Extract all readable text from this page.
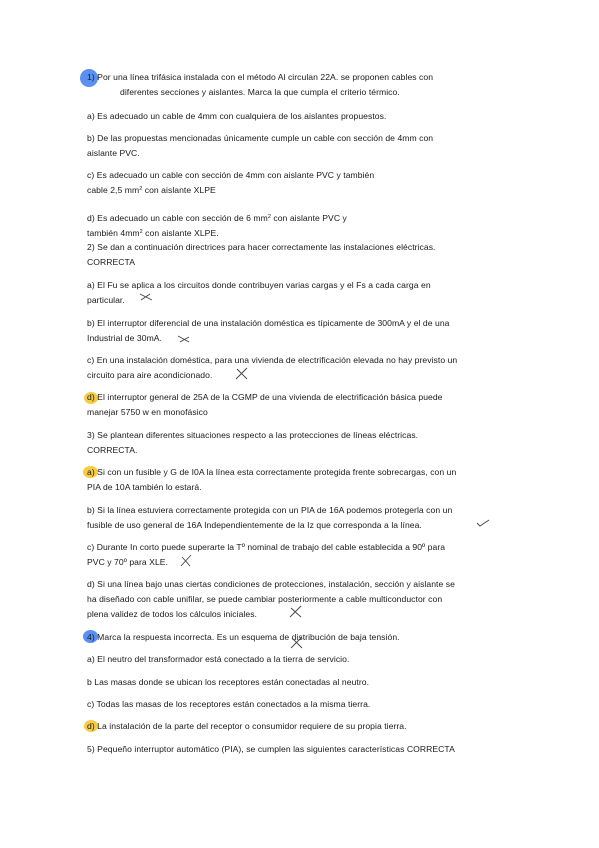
1) Por una línea trifásica instalada con el método Al circulan 22A. se proponen cables con
diferentes secciones y aislantes. Marca la que cumpla el criterio térmico.
a) Es adecuado un cable de 4mm con cualquiera de los aislantes propuestos.
b) De las propuestas mencionadas únicamente cumple un cable con sección de 4mm con
aislante PVC.
c) Es adecuado un cable con sección de 4mm con aislante PVC y también
cable 2,5 $mm^2$ con aislante XLPE
d) Es adecuado un cable con sección de 6 $mm^2$ con aislante PVC y
también $4mm^2$ con aislante XLPE.
2) Se dan a continuación directrices para hacer correctamente las instalaciones eléctricas.
CORRECTA
a) El Fu se aplica a los circuitos donde contribuyen varias cargas y el Fs a cada carga en
particular.
b) El interruptor diferencial de una instalación doméstica es típicamente de 300mA y el de una
Industrial de 30mA.
c) En una instalación doméstica, para una vivienda de electrificación elevada no hay previsto un
circuito para aire acondicionado.
d) El interruptor general de 25A de la CGMP de una vivienda de electrificación básica puede
manejar 5750 w en monofásico
3) Se plantean diferentes situaciones respecto a las protecciones de líneas eléctricas.
CORRECTA.
a) Si con un fusible y G de I0A la línea esta correctamente protegida frente sobrecargas, con un
PIA de 10A también lo estará.
b) Si la línea estuviera correctamente protegida con un PIA de 16A podemos protegerla con un
fusible de uso general de 16A Independientemente de la Iz que corresponda a la línea.
c) Durante In corto puede superarte la Tº nominal de trabajo del cable establecida a 90º para
PVC y 70º para XLE.
d) Si una línea bajo unas ciertas condiciones de protecciones, instalación, sección y aislante se
ha diseñado con cable unifilar, se puede cambiar posteriormente a cable multiconductor con
plena validez de todos los cálculos iniciales.
4) Marca la respuesta incorrecta. Es un esquema de distribución de baja tensión.
a) El neutro del transformador está conectado a la tierra de servicio.
b Las masas donde se ubican los receptores están conectadas al neutro.
c) Todas las masas de los receptores están conectados a la misma tierra.
d) La instalación de la parte del receptor o consumidor requiere de su propia tierra.
5) Pequeño interruptor automático (PIA), se cumplen las siguientes características CORRECTA
